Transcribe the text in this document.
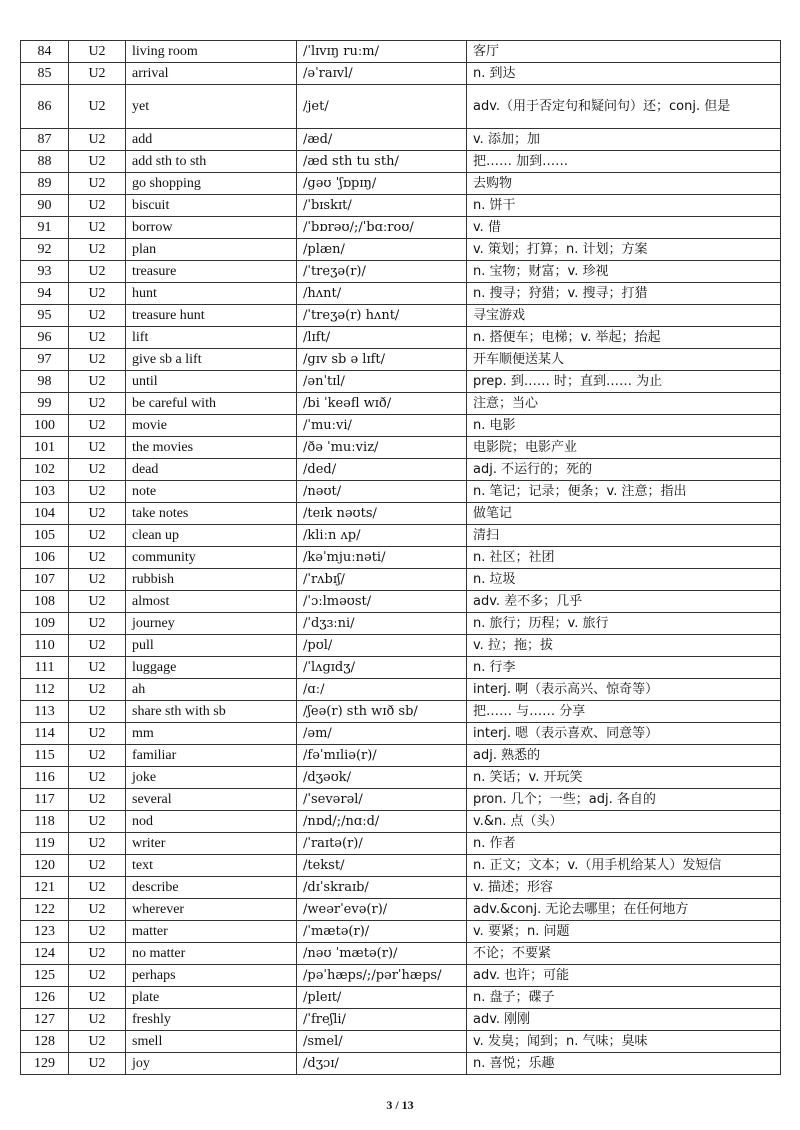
84	U2	living room	/ˈlɪvɪŋ ruːm/	客厅
85	U2	arrival	/əˈraɪvl/	n. 到达
86	U2	yet	/jet/	adv.（用于否定句和疑问句）还；conj. 但是
87	U2	add	/æd/	v. 添加；加
88	U2	add sth to sth	/æd sth tu sth/	把…… 加到……
89	U2	go shopping	/ɡəʊ ˈʃɒpɪŋ/	去购物
90	U2	biscuit	/ˈbɪskɪt/	n. 饼干
91	U2	borrow	/ˈbɒrəʊ/;/ˈbɑːroʊ/	v. 借
92	U2	plan	/plæn/	v. 策划；打算；n. 计划；方案
93	U2	treasure	/ˈtreʒə(r)/	n. 宝物；财富；v. 珍视
94	U2	hunt	/hʌnt/	n. 搜寻；狩猎；v. 搜寻；打猎
95	U2	treasure hunt	/ˈtreʒə(r) hʌnt/	寻宝游戏
96	U2	lift	/lɪft/	n. 搭便车；电梯；v. 举起；抬起
97	U2	give sb a lift	/ɡɪv sb ə lɪft/	开车顺便送某人
98	U2	until	/ənˈtɪl/	prep. 到…… 时；直到…… 为止
99	U2	be careful with	/bi ˈkeəfl wɪð/	注意；当心
100	U2	movie	/ˈmuːvi/	n. 电影
101	U2	the movies	/ðə ˈmuːviz/	电影院；电影产业
102	U2	dead	/ded/	adj. 不运行的；死的
103	U2	note	/nəʊt/	n. 笔记；记录；便条；v. 注意；指出
104	U2	take notes	/teɪk nəʊts/	做笔记
105	U2	clean up	/kliːn ʌp/	清扫
106	U2	community	/kəˈmjuːnəti/	n. 社区；社团
107	U2	rubbish	/ˈrʌbɪʃ/	n. 垃圾
108	U2	almost	/ˈɔːlməʊst/	adv. 差不多；几乎
109	U2	journey	/ˈdʒɜːni/	n. 旅行；历程；v. 旅行
110	U2	pull	/pʊl/	v. 拉；拖；拔
111	U2	luggage	/ˈlʌɡɪdʒ/	n. 行李
112	U2	ah	/ɑː/	interj. 啊（表示高兴、惊奇等）
113	U2	share sth with sb	/ʃeə(r) sth wɪð sb/	把…… 与…… 分享
114	U2	mm	/əm/	interj. 嗯（表示喜欢、同意等）
115	U2	familiar	/fəˈmɪliə(r)/	adj. 熟悉的
116	U2	joke	/dʒəʊk/	n. 笑话；v. 开玩笑
117	U2	several	/ˈsevərəl/	pron. 几个；一些；adj. 各自的
118	U2	nod	/nɒd/;/nɑːd/	v.&n. 点（头）
119	U2	writer	/ˈraɪtə(r)/	n. 作者
120	U2	text	/tekst/	n. 正文；文本；v.（用手机给某人）发短信
121	U2	describe	/dɪˈskraɪb/	v. 描述；形容
122	U2	wherever	/weərˈevə(r)/	adv.&conj. 无论去哪里；在任何地方
123	U2	matter	/ˈmætə(r)/	v. 要紧；n. 问题
124	U2	no matter	/nəʊ ˈmætə(r)/	不论；不要紧
125	U2	perhaps	/pəˈhæps/;/pərˈhæps/	adv. 也许；可能
126	U2	plate	/pleɪt/	n. 盘子；碟子
127	U2	freshly	/ˈfreʃli/	adv. 刚刚
128	U2	smell	/smel/	v. 发臭；闻到；n. 气味；臭味
129	U2	joy	/dʒɔɪ/	n. 喜悦；乐趣
3 / 13
